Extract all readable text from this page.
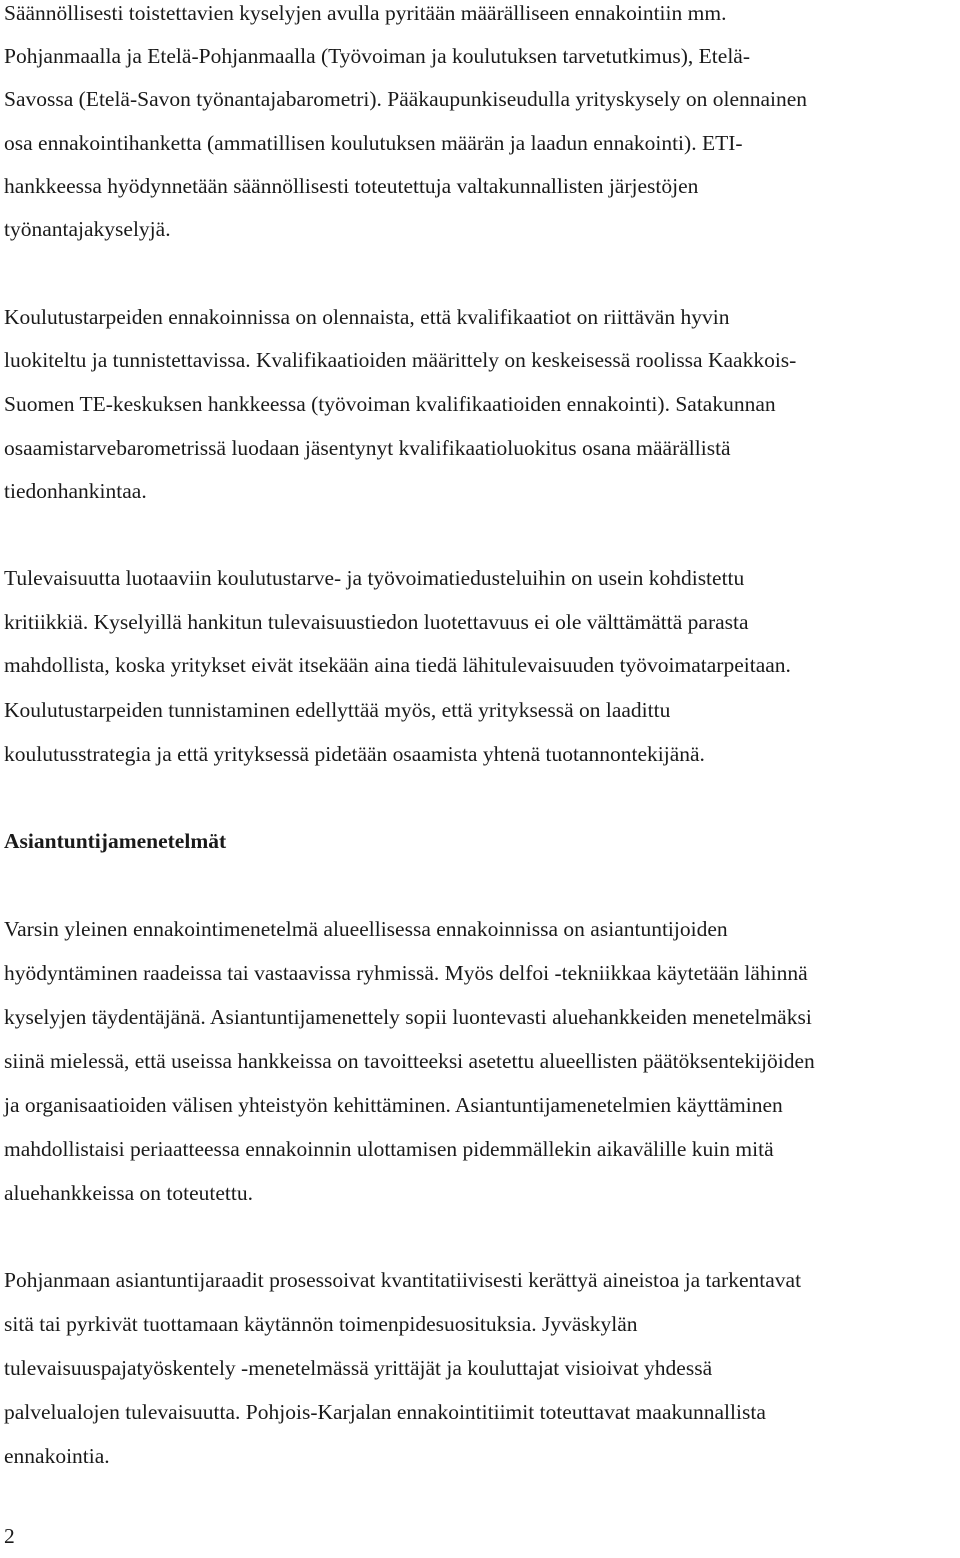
Säännöllisesti toistettavien kyselyjen avulla pyritään määrälliseen ennakointiin mm.
Pohjanmaalla ja Etelä-Pohjanmaalla (Työvoiman ja koulutuksen tarvetutkimus), Etelä-
Savossa (Etelä-Savon työnantajabarometri). Pääkaupunkiseudulla yrityskysely on olennainen
osa ennakointihanketta (ammatillisen koulutuksen määrän ja laadun ennakointi). ETI-
hankkeessa hyödynnetään säännöllisesti toteutettuja valtakunnallisten järjestöjen
työnantajakyselyjä.
Koulutustarpeiden ennakoinnissa on olennaista, että kvalifikaatiot on riittävän hyvin
luokiteltu ja tunnistettavissa. Kvalifikaatioiden määrittely on keskeisessä roolissa Kaakkois-
Suomen TE-keskuksen hankkeessa (työvoiman kvalifikaatioiden ennakointi). Satakunnan
osaamistarvebarometrissä luodaan jäsentynyt kvalifikaatioluokitus osana määrällistä
tiedonhankintaa.
Tulevaisuutta luotaaviin koulutustarve- ja työvoimatiedusteluihin on usein kohdistettu
kritiikkiä. Kyselyillä hankitun tulevaisuustiedon luotettavuus ei ole välttämättä parasta
mahdollista, koska yritykset eivät itsekään aina tiedä lähitulevaisuuden työvoimatarpeitaan.
Koulutustarpeiden tunnistaminen edellyttää myös, että yrityksessä on laadittu
koulutusstrategia ja että yrityksessä pidetään osaamista yhtenä tuotannontekijänä.
Asiantuntijamenetelmät
Varsin yleinen ennakointimenetelmä alueellisessa ennakoinnissa on asiantuntijoiden
hyödyntäminen raadeissa tai vastaavissa ryhmissä. Myös delfoi -tekniikkaa käytetään lähinnä
kyselyjen täydentäjänä. Asiantuntijamenettely sopii luontevasti aluehankkeiden menetelmäksi
siinä mielessä, että useissa hankkeissa on tavoitteeksi asetettu alueellisten päätöksentekijöiden
ja organisaatioiden välisen yhteistyön kehittäminen. Asiantuntijamenetelmien käyttäminen
mahdollistaisi periaatteessa ennakoinnin ulottamisen pidemmällekin aikavälille kuin mitä
aluehankkeissa on toteutettu.
Pohjanmaan asiantuntijaraadit prosessoivat kvantitatiivisesti kerättyä aineistoa ja tarkentavat
sitä tai pyrkivät tuottamaan käytännön toimenpidesuosituksia. Jyväskylän
tulevaisuuspajatyöskentely -menetelmässä yrittäjät ja kouluttajat visioivat yhdessä
palvelualojen tulevaisuutta. Pohjois-Karjalan ennakointitiimit toteuttavat maakunnallista
ennakointia.
2
